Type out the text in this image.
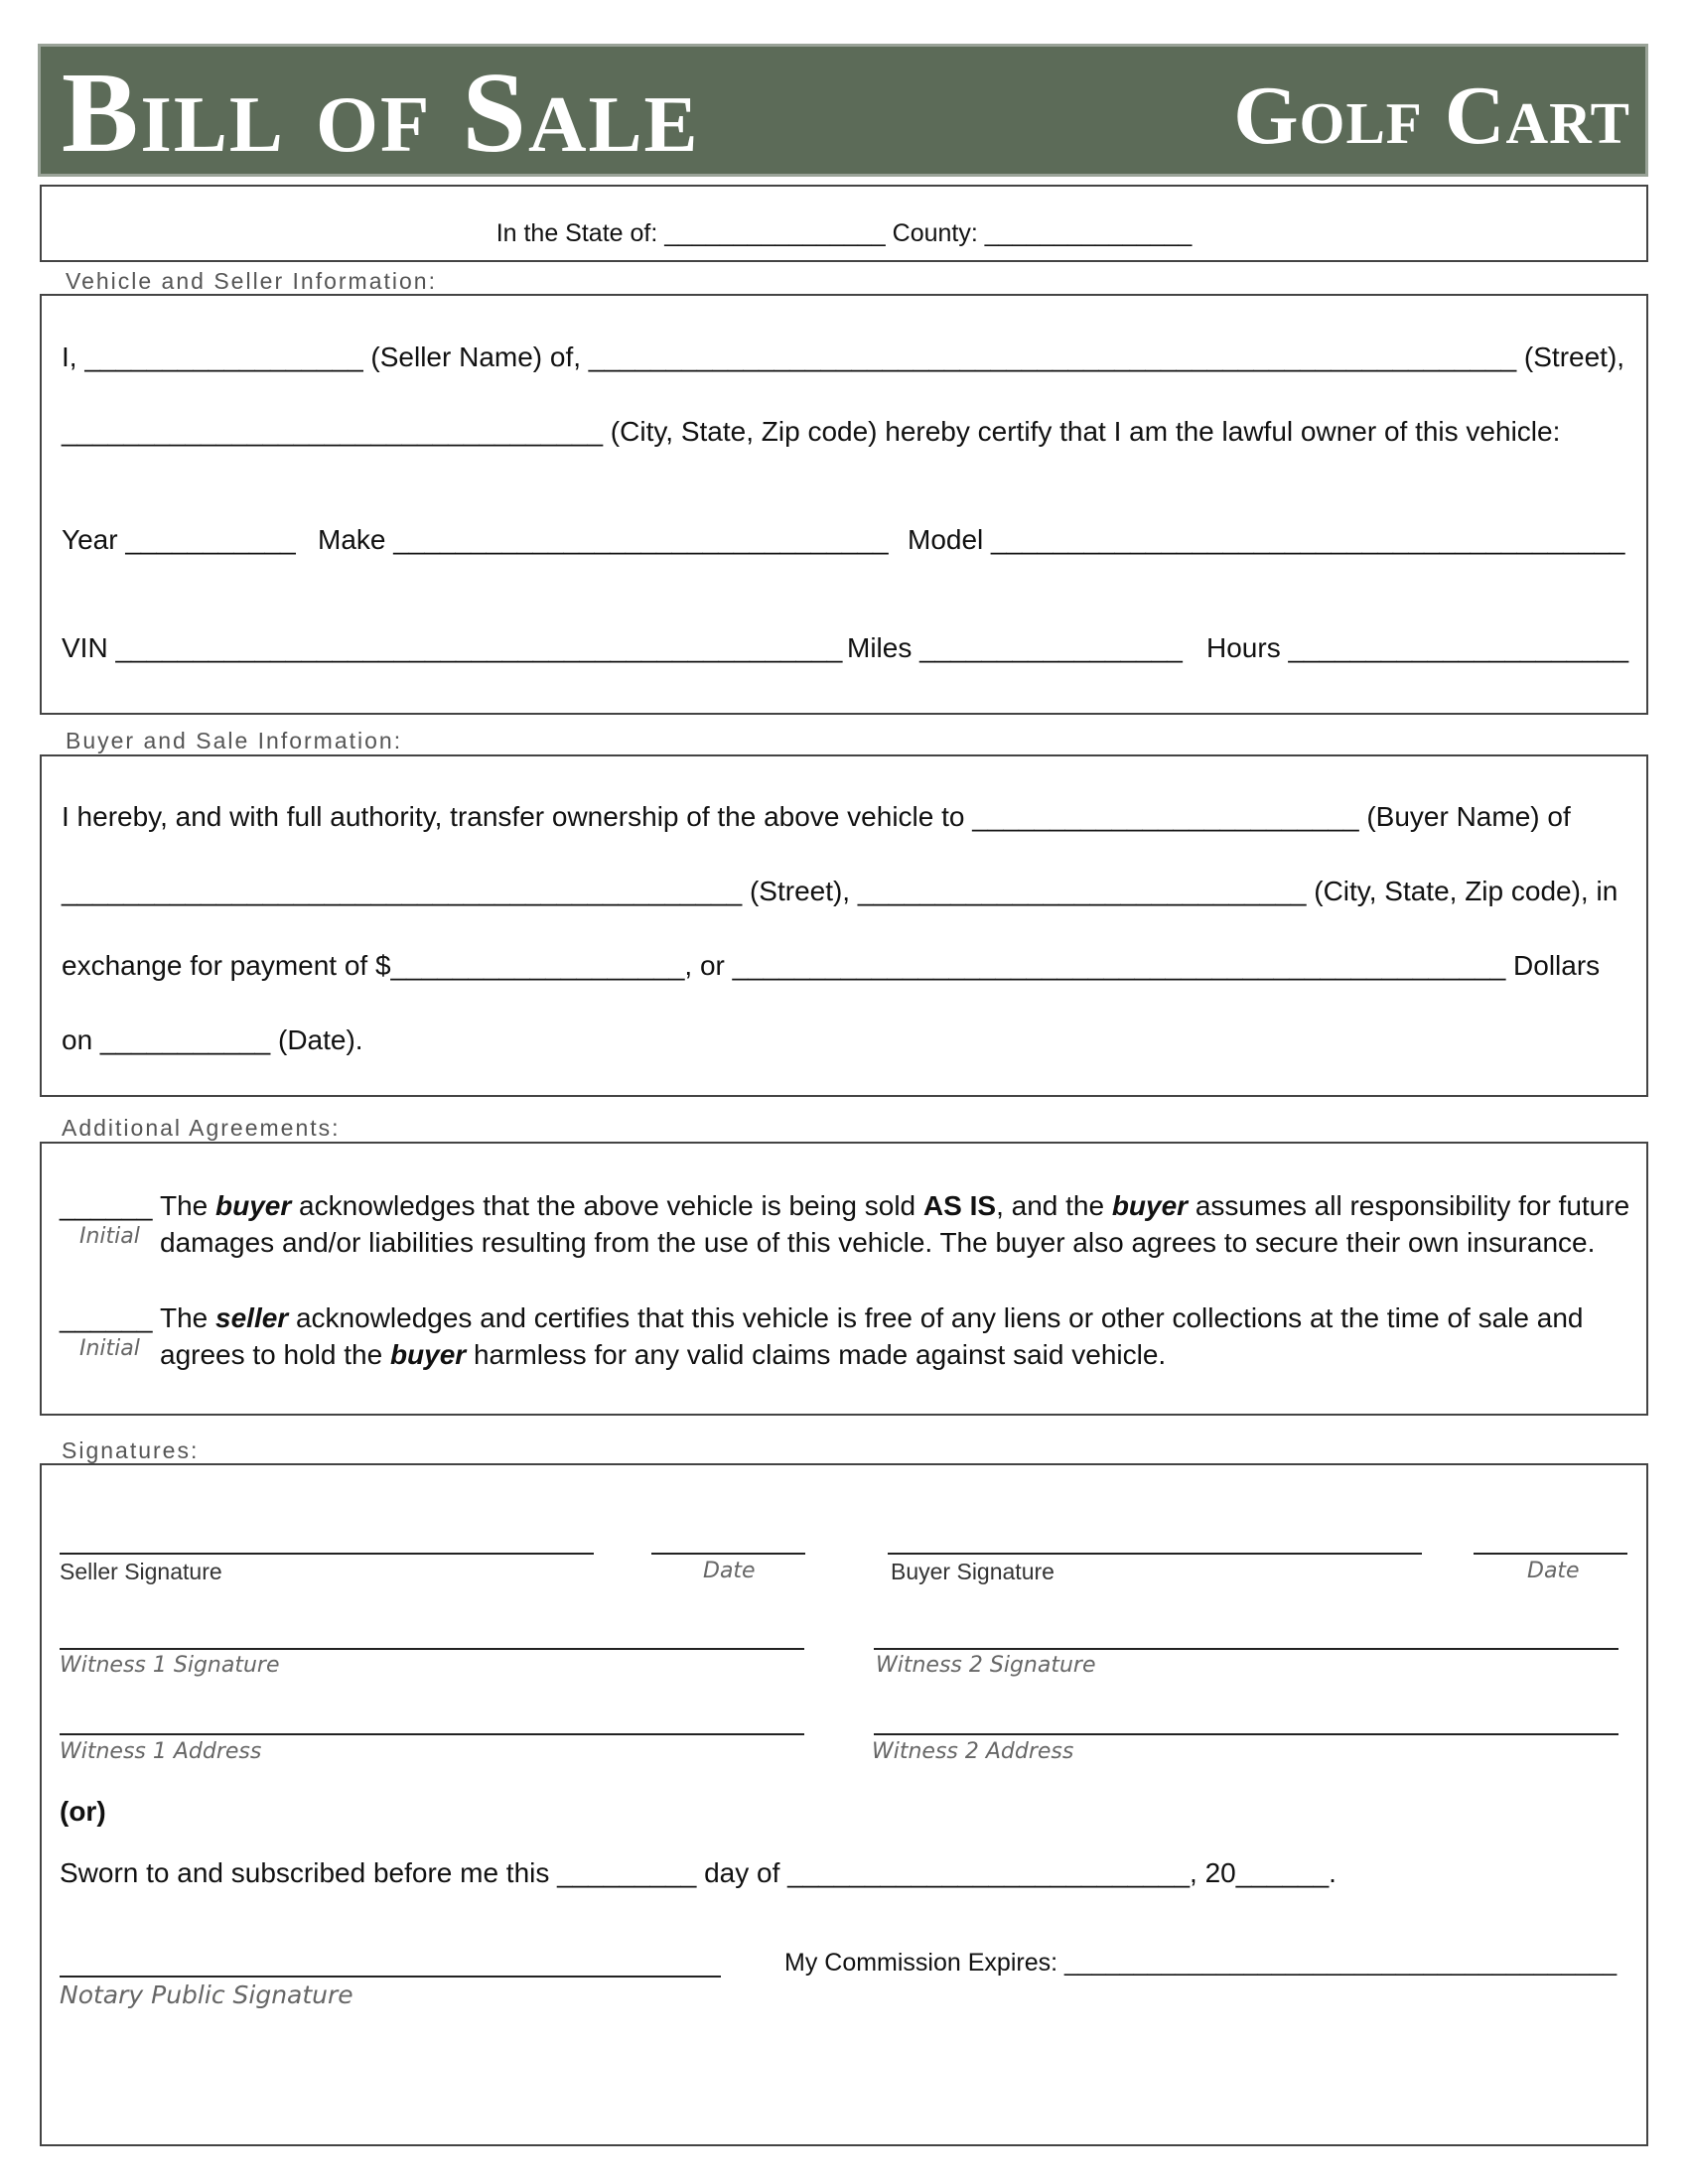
Bill of Sale	Golf Cart
In the State of: ________________ County: _______________
Vehicle and Seller Information:
I, __________________ (Seller Name) of, ____________________________________________________________ (Street),
___________________________________ (City, State, Zip code) hereby certify that I am the lawful owner of this vehicle:
Year ___________ Make ________________________________ Model _________________________________________
VIN _______________________________________________ Miles _________________ Hours ______________________
Buyer and Sale Information:
I hereby, and with full authority, transfer ownership of the above vehicle to _________________________ (Buyer Name) of
____________________________________________ (Street), _____________________________ (City, State, Zip code), in
exchange for payment of $___________________, or __________________________________________________ Dollars
on ___________ (Date).
Additional Agreements:
______
Initial
The buyer acknowledges that the above vehicle is being sold AS IS, and the buyer assumes all responsibility for future
damages and/or liabilities resulting from the use of this vehicle. The buyer also agrees to secure their own insurance.
______
Initial
The seller acknowledges and certifies that this vehicle is free of any liens or other collections at the time of sale and
agrees to hold the buyer harmless for any valid claims made against said vehicle.
Signatures:
Seller Signature	Date	Buyer Signature	Date
Witness 1 Signature	Witness 2 Signature
Witness 1 Address	Witness 2 Address
(or)
Sworn to and subscribed before me this _________ day of __________________________, 20______.
Notary Public Signature
My Commission Expires: ________________________________________
